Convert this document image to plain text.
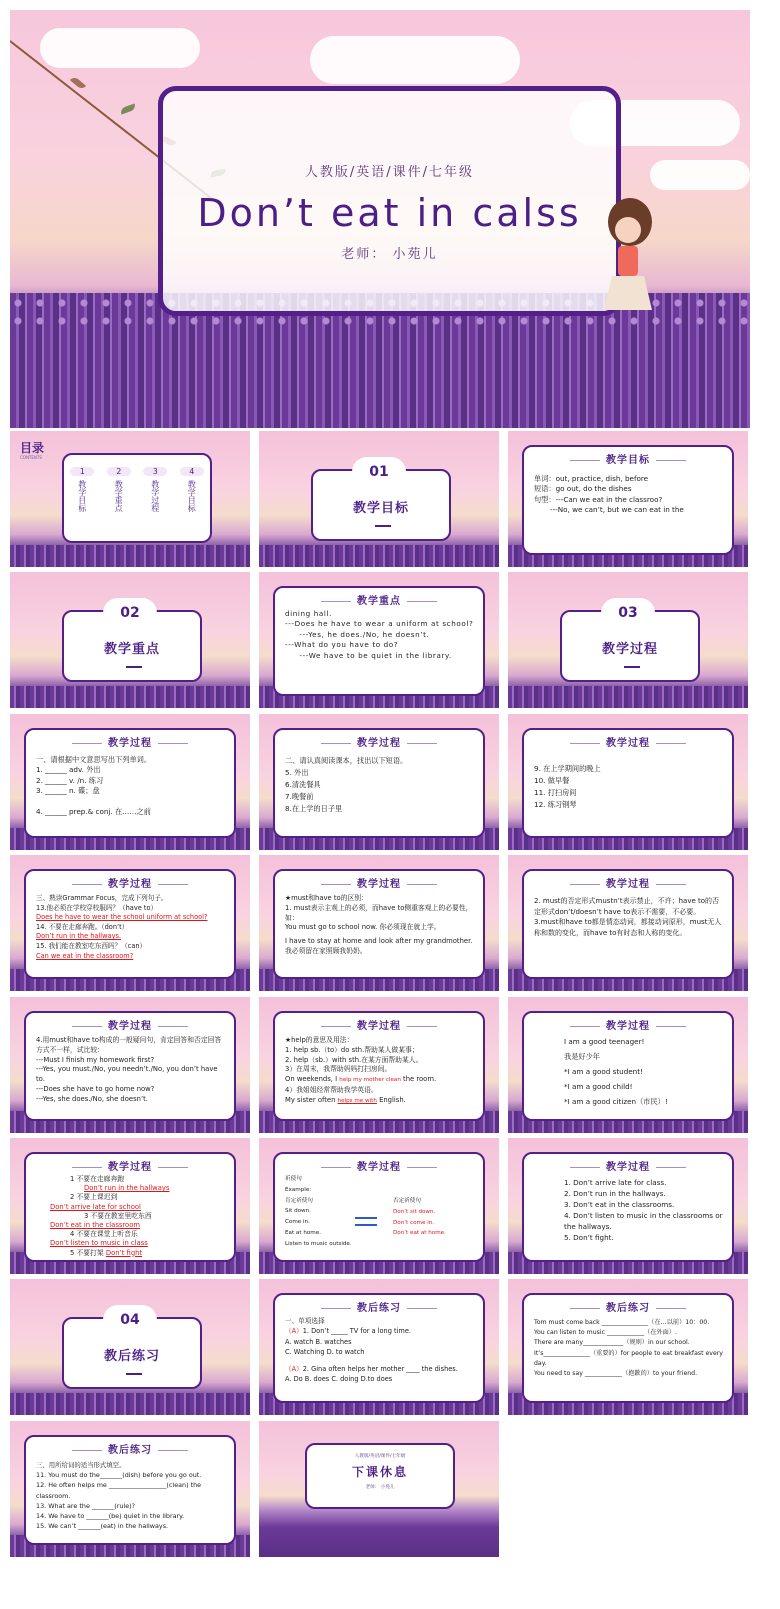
人教版/英语/课件/七年级
Don’t eat in calss
老师： 小苑儿
目录
CONTENTS
1
教学目标
2
教学重点
3
教学过程
4
教学目标	教学目标
01
教学目标
单词：out, practice, dish, before
短语：go out, do the dishes
句型：---Can we eat in the classroo?
---No, we can’t, but we can eat in the
教学重点
02
教学重点
dining hall.
---Does he have to wear a uniform at school?
---Yes, he does./No, he doesn’t.
---What do you have to do?
---We have to be quiet in the library.	教学过程
03
教学过程
一、请根据中文意思写出下列单词。
1. ______ adv. 外出
2. ______ v. /n. 练习
3. ______ n. 碟；盘
4. ______ prep.& conj. 在……之前
教学过程
二、请认真阅读课本，找出以下短语。
5. 外出
6.清洗餐具
7.晚餐前
8.在上学的日子里
教学过程
9. 在上学期间的晚上
10. 做早餐
11. 打扫房间
12. 练习钢琴
教学过程
三、熟读Grammar Focus，完成下列句子。
13.他必须在学校穿校服吗？（have to）
Does he have to wear the school uniform at school?
14. 不要在走廊奔跑。（don’t）
Don’t run in the hallways.
15. 我们能在教室吃东西吗？（can）
Can we eat in the classroom?
教学过程
★must和have to的区别：
1. must表示主观上的必须，而have to侧重客观上的必要性，如：
You must go to school now. 你必须现在就上学。
I have to stay at home and look after my grandmother. 我必须留在家照顾我奶奶。
教学过程
2. must的否定形式mustn’t表示禁止，不许；have to的否定形式don’t/doesn’t have to表示不需要，不必要。
3.must和have to都是情态动词，都接动词原形，must无人称和数的变化，而have to有时态和人称的变化。
教学过程
4.用must和have to构成的一般疑问句，肯定回答和否定回答方式不一样，试比较：
---Must I finish my homework first?
---Yes, you must./No, you needn’t./No, you don’t have to.
---Does she have to go home now?
---Yes, she does./No, she doesn’t.
教学过程
★help的意思及用法：
1. help sb.（to）do sth.帮助某人做某事；
2. help（sb.）with sth.在某方面帮助某人。
3）在周末，我帮助妈妈打扫房间。
On weekends, I help my mother clean the room.
4）我姐姐经常帮助我学英语。
My sister often helps me with English.
教学过程
I am a good teenager!
我是好少年
*I am a good student!
*I am a good child!
*I am a good citizen（市民）!
教学过程
1 不要在走廊奔跑
Don’t run in the hallways
2 不要上课迟到
Don’t arrive late for school
3 不要在教室里吃东西
Don’t eat in the classroom
4 不要在课堂上听音乐
Don’t listen to music in class
5 不要打架 Don’t fight
教学过程
祈使句
Example:
肯定祈使句
Sit down.
Come in.
Eat at home.
Listen to music outside.
否定祈使句
Don’t sit down.
Don’t come in.
Don’t eat at home.
教学过程
1. Don’t arrive late for class.
2. Don’t run in the hallways.
3. Don’t eat in the classrooms.
4. Don’t listen to music in the classrooms or the hallways.
5. Don’t fight.
教后练习
04
教后练习
一、单项选择
（A）1. Don’t _____ TV for a long time.
A. watch B. watches
C. Watching D. to watch
（A）2. Gina often helps her mother ____ the dishes.
A. Do B. does C. doing D.to does
教后练习
Tom must come back _______________（在…以前）10：00.
You can listen to music ____________（在外面）.
There are many_____________（规则）in our school.
It’s_______________（重要的）for people to eat breakfast every day.
You need to say ____________（抱歉的）to your friend.
教后练习
三、用所给词的适当形式填空。
11. You must do the_______(dish) before you go out.
12. He often helps me __________________(clean) the classroom.
13. What are the _______(rule)?
14. We have to _______(be) quiet in the library.
15. We can’t _______(eat) in the hallways.
人教版/英语/课件/七年级
下课休息
老师： 小苑儿
